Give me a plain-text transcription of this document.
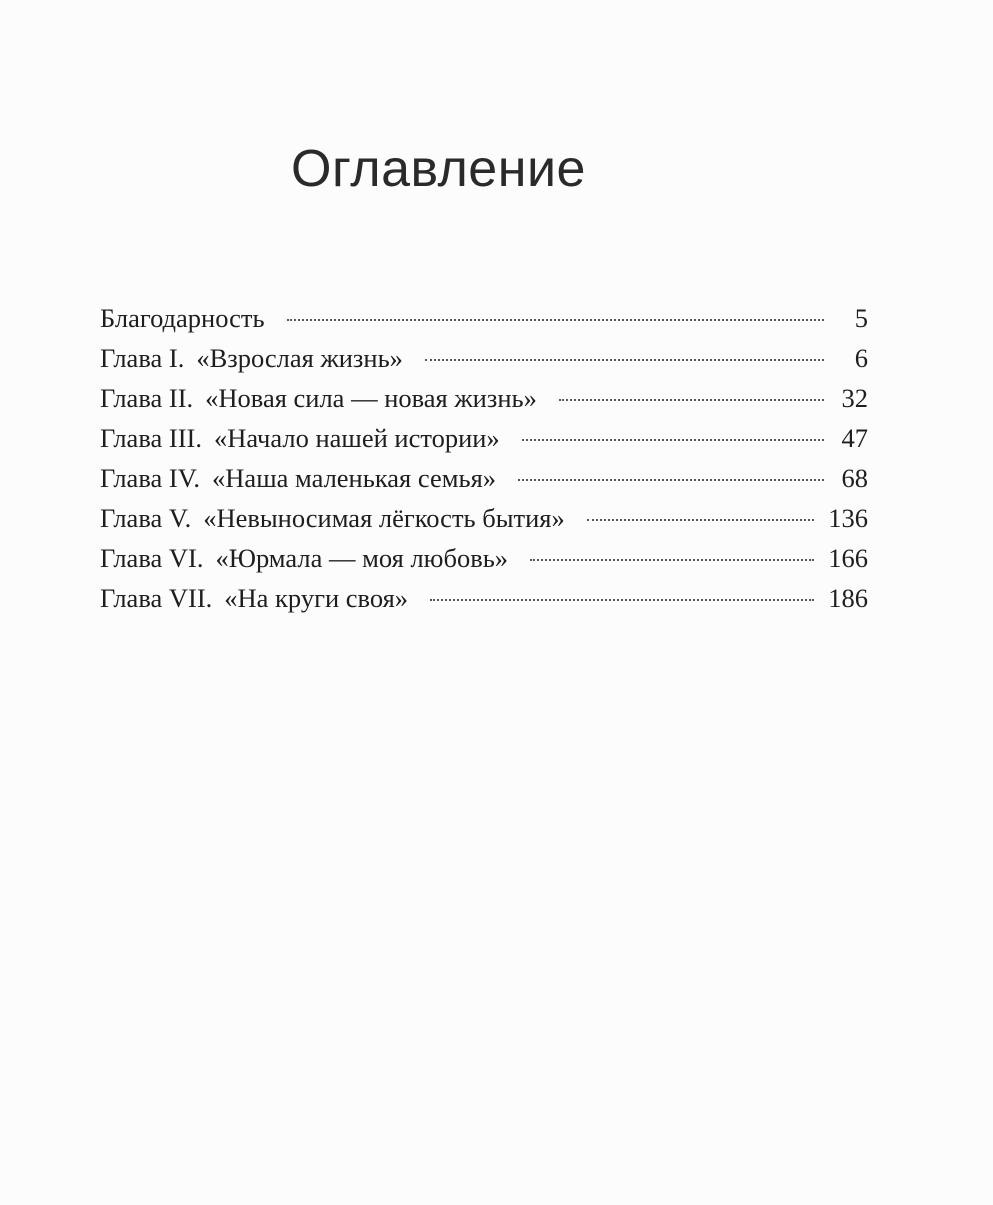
Оглавление
Благодарность	5
Глава I. «Взрослая жизнь»	6
Глава II. «Новая сила — новая жизнь»	32
Глава III. «Начало нашей истории»	47
Глава IV. «Наша маленькая семья»	68
Глава V. «Невыносимая лёгкость бытия»	136
Глава VI. «Юрмала — моя любовь»	166
Глава VII. «На круги своя»	186
